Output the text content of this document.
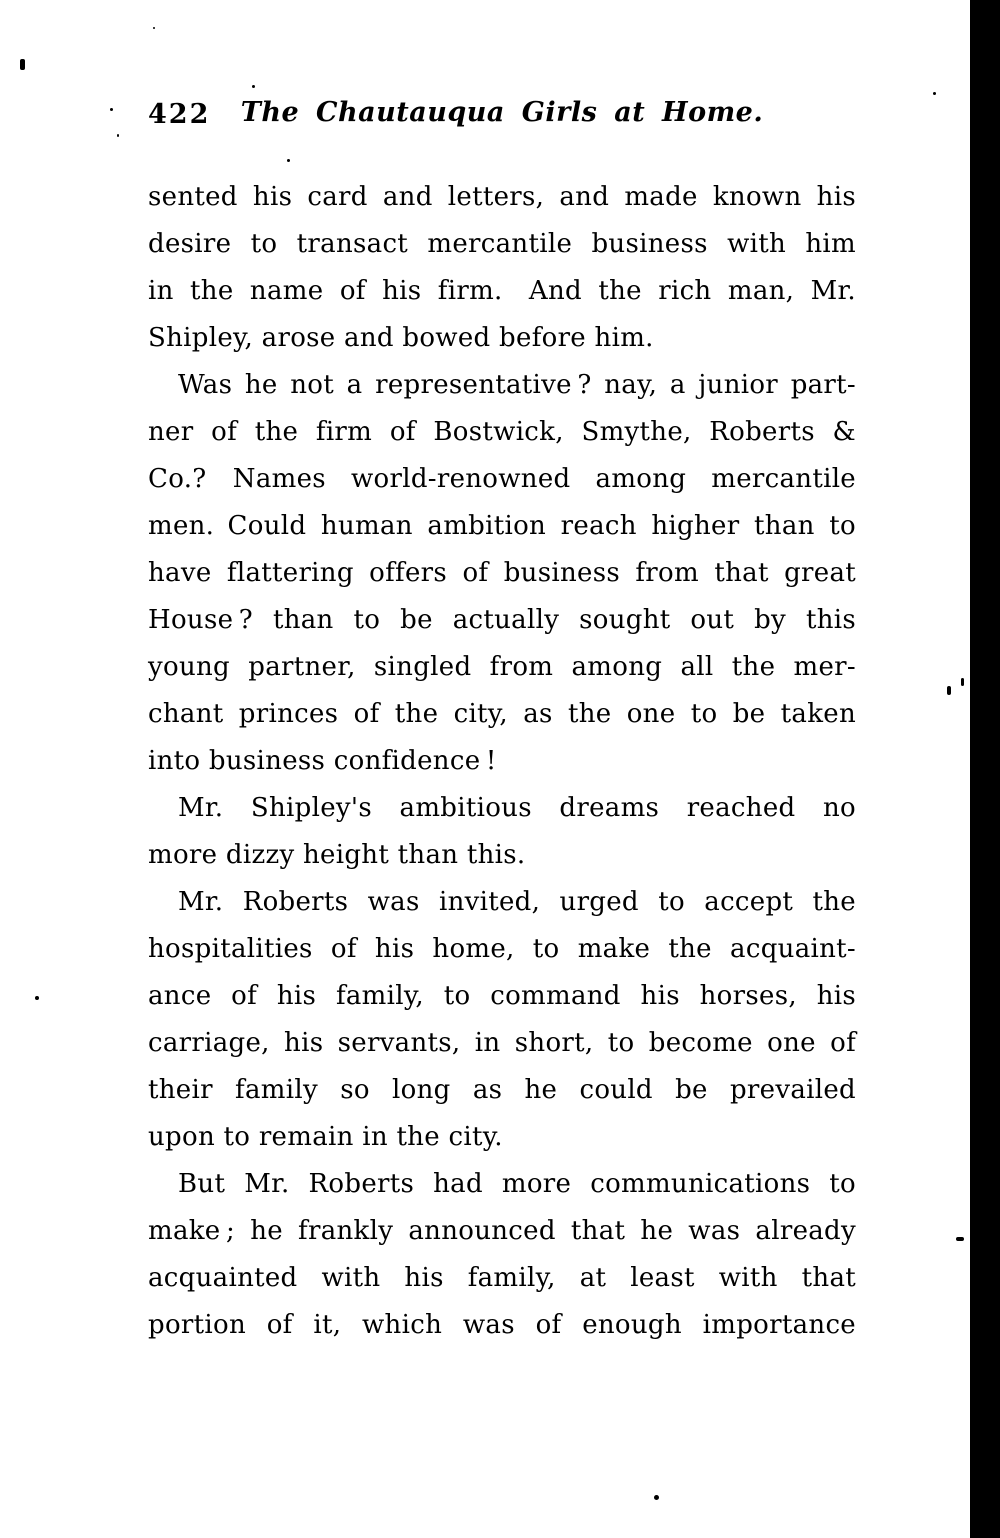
422	The Chautauqua Girls at Home.
sented his card and letters, and made known his
desire to transact mercantile business with him
in the name of his firm. And the rich man, Mr.
Shipley, arose and bowed before him.
Was he not a representative ? nay, a junior part-
ner of the firm of Bostwick, Smythe, Roberts &
Co.? Names world-renowned among mercantile
men. Could human ambition reach higher than to
have flattering offers of business from that great
House ? than to be actually sought out by this
young partner, singled from among all the mer-
chant princes of the city, as the one to be taken
into business confidence !
Mr. Shipley's ambitious dreams reached no
more dizzy height than this.
Mr. Roberts was invited, urged to accept the
hospitalities of his home, to make the acquaint-
ance of his family, to command his horses, his
carriage, his servants, in short, to become one of
their family so long as he could be prevailed
upon to remain in the city.
But Mr. Roberts had more communications to
make ; he frankly announced that he was already
acquainted with his family, at least with that
portion of it, which was of enough importance
